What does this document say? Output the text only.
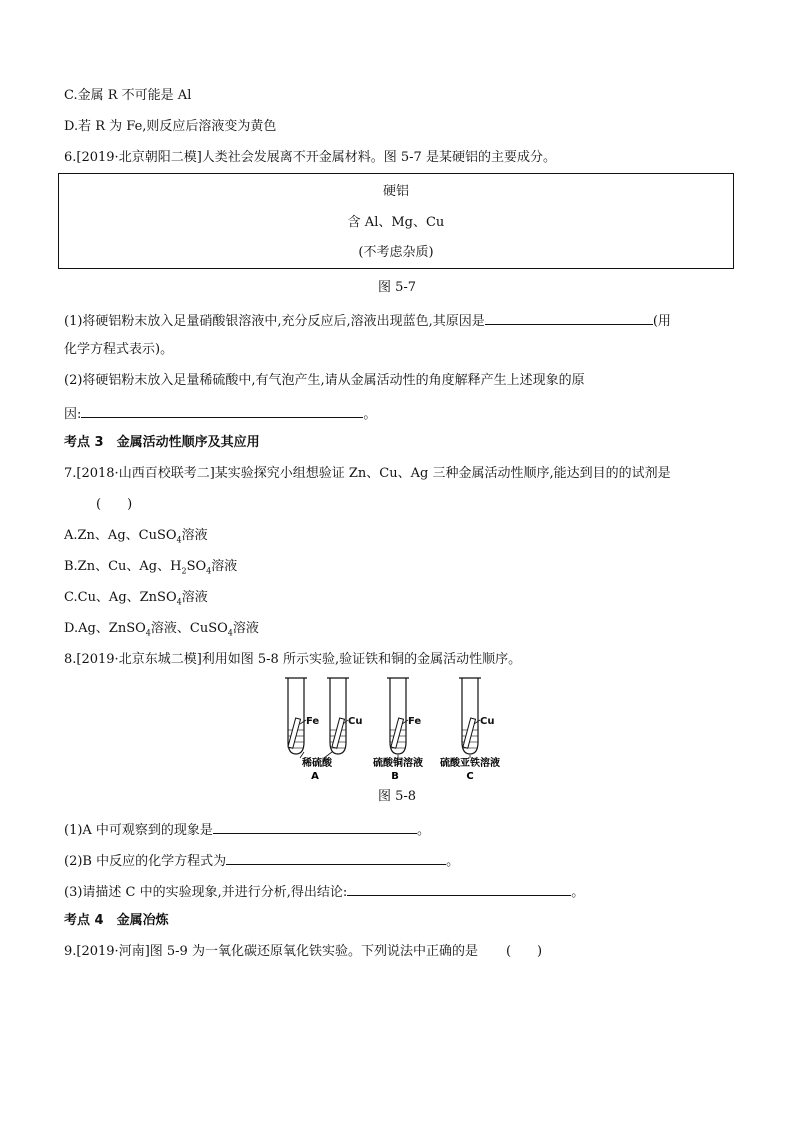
C.金属 R 不可能是 Al
D.若 R 为 Fe,则反应后溶液变为黄色
6.[2019·北京朝阳二模]人类社会发展离不开金属材料。图 5-7 是某硬铝的主要成分。
硬铝
含 Al、Mg、Cu
(不考虑杂质)
图 5-7
(1)将硬铝粉末放入足量硝酸银溶液中,充分反应后,溶液出现蓝色,其原因是	(用
化学方程式表示)。
(2)将硬铝粉末放入足量稀硫酸中,有气泡产生,请从金属活动性的角度解释产生上述现象的原
因:	。
考点 3　金属活动性顺序及其应用
7.[2018·山西百校联考二]某实验探究小组想验证 Zn、Cu、Ag 三种金属活动性顺序,能达到目的的试剂是
(　　)
A.Zn、Ag、CuSO$_4$溶液
B.Zn、Cu、Ag、$H_2SO_4$溶液
C.Cu、Ag、ZnSO$_4$溶液
D.Ag、ZnSO$_4$溶液、CuSO$_4$溶液
8.[2019·北京东城二模]利用如图 5-8 所示实验,验证铁和铜的金属活动性顺序。
Fe	Cu	Fe	Cu
稀硫酸	硫酸铜溶液 硫酸亚铁溶液
A	B	C
图 5-8
(1)A 中可观察到的现象是	。
(2)B 中反应的化学方程式为	。
(3)请描述 C 中的实验现象,并进行分析,得出结论:	。
考点 4　金属冶炼
9.[2019·河南]图 5-9 为一氧化碳还原氧化铁实验。下列说法中正确的是 (　　)
